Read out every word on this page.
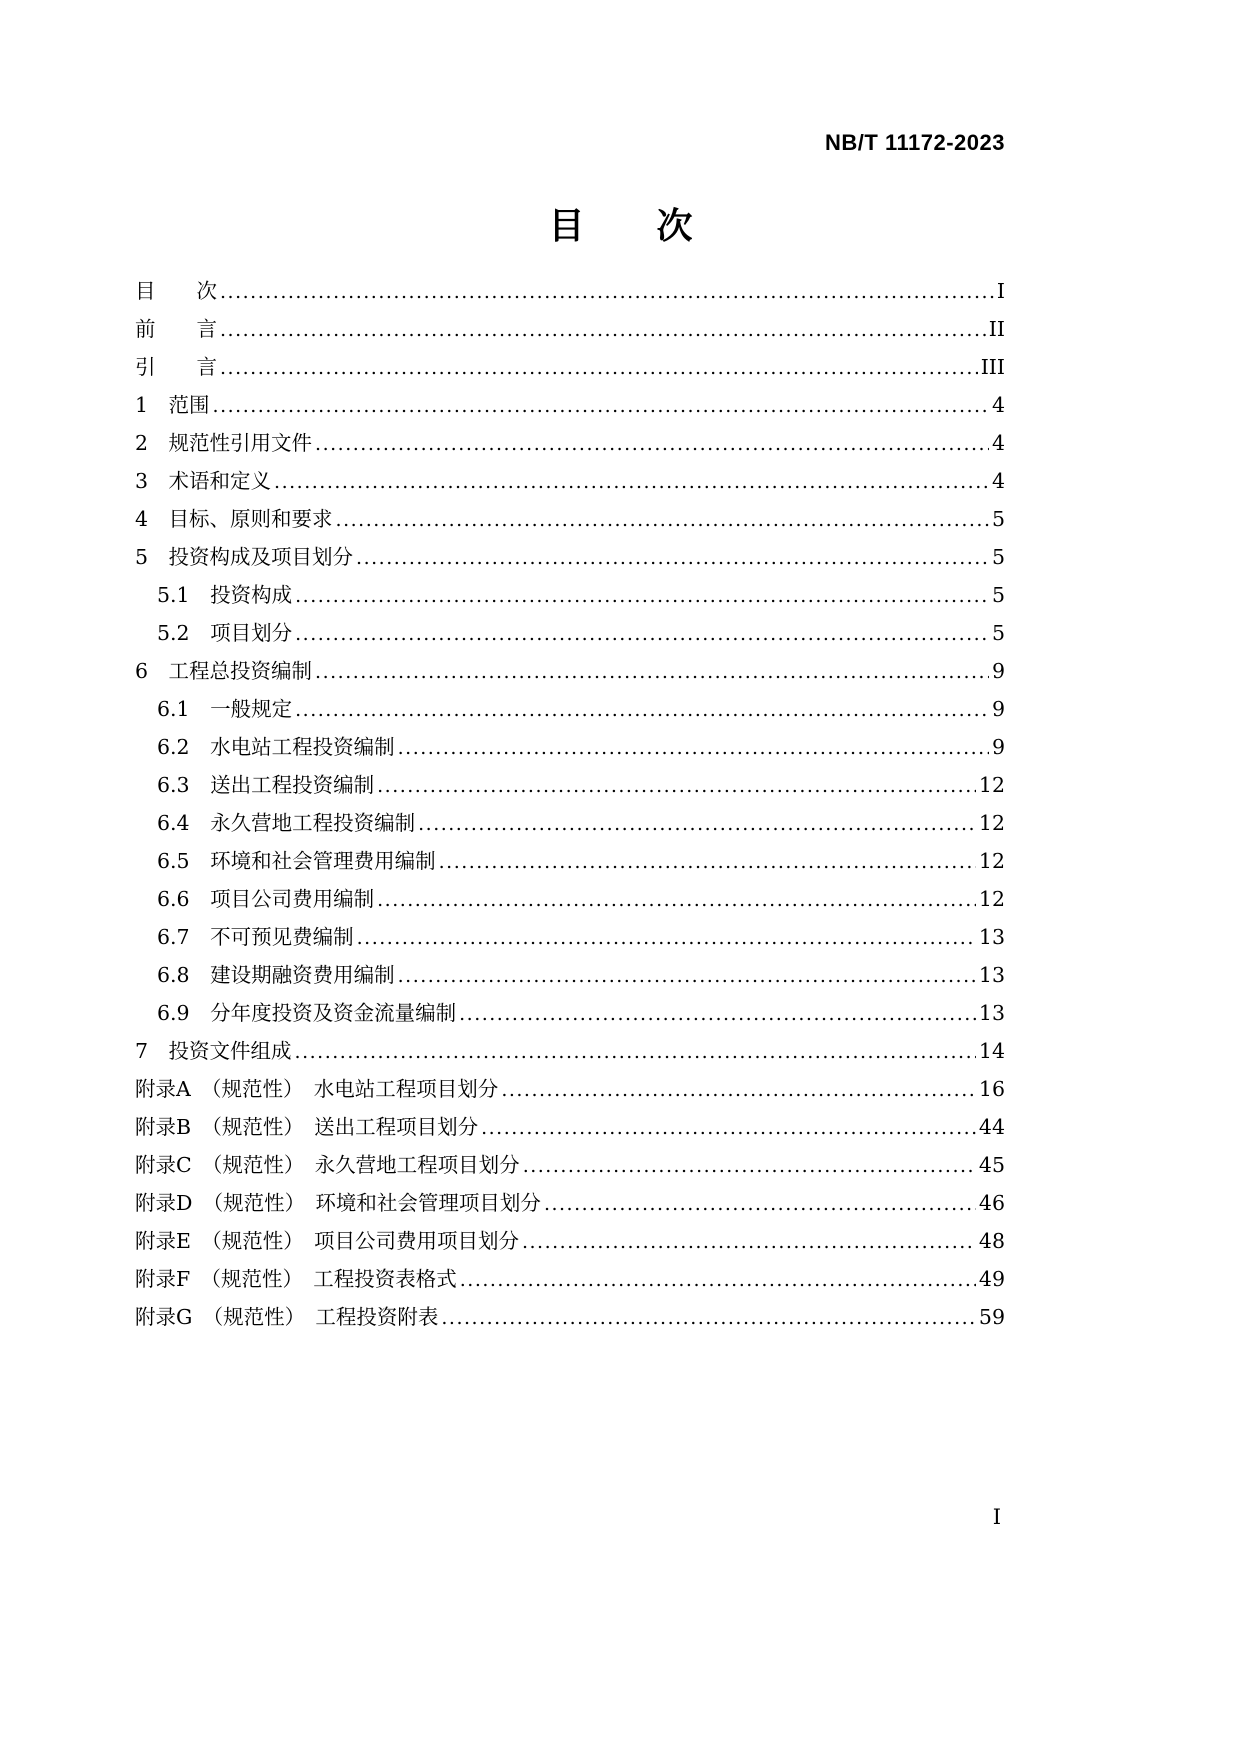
NB/T 11172-2023
目　　次
目　　次 .....	I
前　　言 .....	II
引　　言 .....	III
1　范围 .....	4
2　规范性引用文件 .....	4
3　术语和定义 .....	4
4　目标、原则和要求 .....	5
5　投资构成及项目划分 .....	5
5.1　投资构成 .....	5
5.2　项目划分 .....	5
6　工程总投资编制 .....	9
6.1　一般规定 .....	9
6.2　水电站工程投资编制 .....	9
6.3　送出工程投资编制 .....	12
6.4　永久营地工程投资编制 .....	12
6.5　环境和社会管理费用编制 .....	12
6.6　项目公司费用编制 .....	12
6.7　不可预见费编制 .....	13
6.8　建设期融资费用编制 .....	13
6.9　分年度投资及资金流量编制 .....	13
7　投资文件组成 .....	14
附录A　（规范性）　水电站工程项目划分 .....	16
附录B　（规范性）　送出工程项目划分 .....	44
附录C　（规范性）　永久营地工程项目划分 .....	45
附录D　（规范性）　环境和社会管理项目划分 .....	46
附录E　（规范性）　项目公司费用项目划分 .....	48
附录F　（规范性）　工程投资表格式 .....	49
附录G　（规范性）　工程投资附表 .....	59
I
